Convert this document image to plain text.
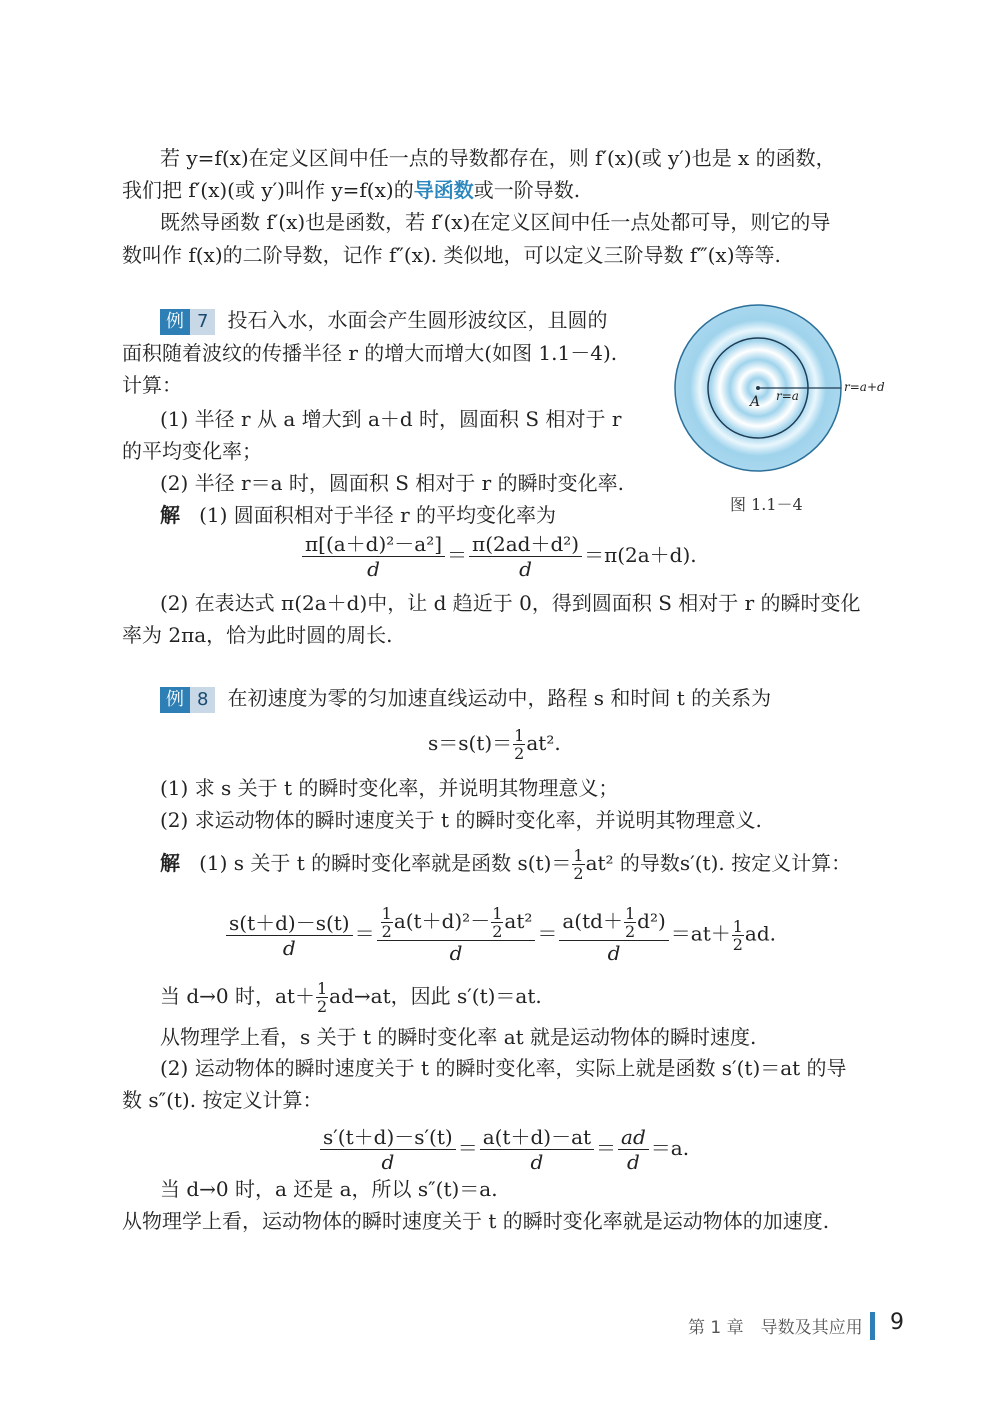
若 y=f(x)在定义区间中任一点的导数都存在，则 f′(x)(或 y′)也是 x 的函数，
我们把 f′(x)(或 y′)叫作 y=f(x)的导函数或一阶导数.
既然导函数 f′(x)也是函数，若 f′(x)在定义区间中任一点处都可导，则它的导
数叫作 f(x)的二阶导数，记作 f″(x). 类似地，可以定义三阶导数 f‴(x)等等.
例 7 投石入水，水面会产生圆形波纹区，且圆的
面积随着波纹的传播半径 r 的增大而增大(如图 1.1－4).
计算：
(1) 半径 r 从 a 增大到 a＋d 时，圆面积 S 相对于 r
的平均变化率；
(2) 半径 r＝a 时，圆面积 S 相对于 r 的瞬时变化率.
解 (1) 圆面积相对于半径 r 的平均变化率为
$\frac{\text{π[(a＋d)²－a²]}}{d} = \frac{\text{π(2ad＋d²)}}{d} =\pi(2a+d)$.
(2) 在表达式 π(2a＋d)中，让 d 趋近于 0，得到圆面积 S 相对于 r 的瞬时变化
率为 2πa，恰为此时圆的周长.
A r=a
r=a+d
图 1.1－4
例 8 在初速度为零的匀加速直线运动中，路程 s 和时间 t 的关系为
$s=s(t)= \frac{1}{2} at^2$.
(1) 求 s 关于 t 的瞬时变化率，并说明其物理意义；
(2) 求运动物体的瞬时速度关于 t 的瞬时变化率，并说明其物理意义.
解 (1) s 关于 t 的瞬时变化率就是函数 $s(t)= \frac{1}{2} at^2$ 的导数s′(t). 按定义计算：
$\frac{s(t+d)-s(t)}{d} = \frac{\frac{1}{2} a(t+d)^2- \frac{1}{2} at^2}{d} = \frac{a(td+ \frac{1}{2} d^2)}{d} =at+ \frac{1}{2}$ ad.
当 d→0 时，$at+ \frac{1}{2} ad\to at$，因此 s′(t)＝at.
从物理学上看，s 关于 t 的瞬时变化率 at 就是运动物体的瞬时速度.
(2) 运动物体的瞬时速度关于 t 的瞬时变化率，实际上就是函数 s′(t)＝at 的导
数 s″(t). 按定义计算：
$\frac{s'(t+d)-s'(t)}{d} = \frac{a(t+d)-at}{d} = \frac{ad}{d} =a$.
当 d→0 时，a 还是 a，所以 s″(t)＝a.
从物理学上看，运动物体的瞬时速度关于 t 的瞬时变化率就是运动物体的加速度.
第 1 章　导数及其应用 9
